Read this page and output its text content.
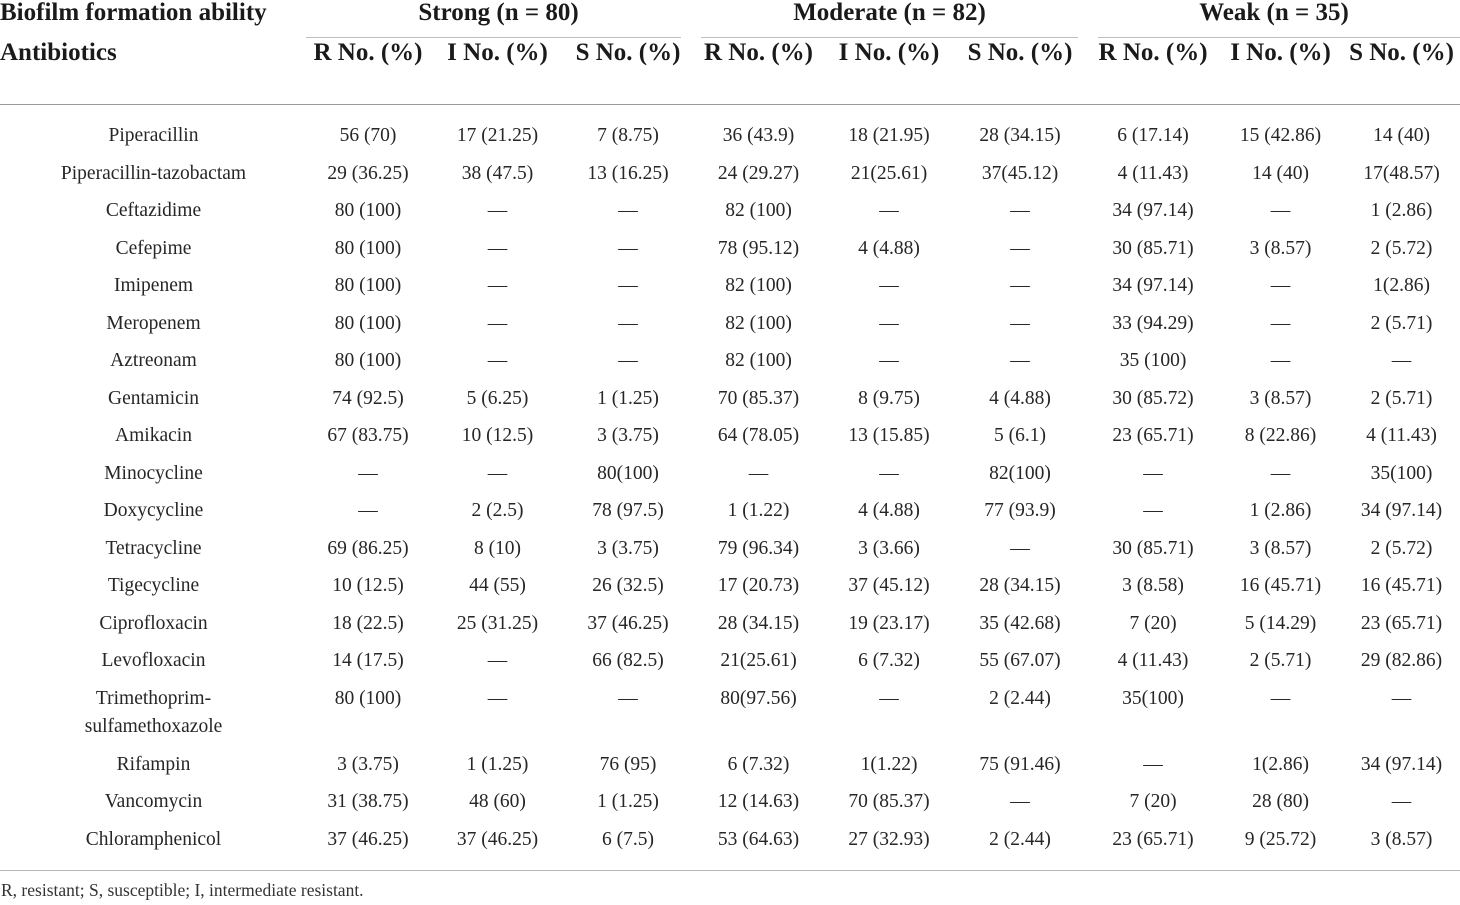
Biofilm formation ability	Strong (n = 80)			Moderate (n = 82)			Weak (n = 35)		

Antibiotics	R No. (%)	I No. (%)	S No. (%)	R No. (%)	I No. (%)	S No. (%)	R No. (%)	I No. (%)	S No. (%)

Piperacillin	56 (70)	17 (21.25)	7 (8.75)	36 (43.9)	18 (21.95)	28 (34.15)	6 (17.14)	15 (42.86)	14 (40)
Piperacillin-tazobactam	29 (36.25)	38 (47.5)	13 (16.25)	24 (29.27)	21(25.61)	37(45.12)	4 (11.43)	14 (40)	17(48.57)
Ceftazidime	80 (100)	—	—	82 (100)	—	—	34 (97.14)	—	1 (2.86)
Cefepime	80 (100)	—	—	78 (95.12)	4 (4.88)	—	30 (85.71)	3 (8.57)	2 (5.72)
Imipenem	80 (100)	—	—	82 (100)	—	—	34 (97.14)	—	1(2.86)
Meropenem	80 (100)	—	—	82 (100)	—	—	33 (94.29)	—	2 (5.71)
Aztreonam	80 (100)	—	—	82 (100)	—	—	35 (100)	—	—
Gentamicin	74 (92.5)	5 (6.25)	1 (1.25)	70 (85.37)	8 (9.75)	4 (4.88)	30 (85.72)	3 (8.57)	2 (5.71)
Amikacin	67 (83.75)	10 (12.5)	3 (3.75)	64 (78.05)	13 (15.85)	5 (6.1)	23 (65.71)	8 (22.86)	4 (11.43)
Minocycline	—	—	80(100)	—	—	82(100)	—	—	35(100)
Doxycycline	—	2 (2.5)	78 (97.5)	1 (1.22)	4 (4.88)	77 (93.9)	—	1 (2.86)	34 (97.14)
Tetracycline	69 (86.25)	8 (10)	3 (3.75)	79 (96.34)	3 (3.66)	—	30 (85.71)	3 (8.57)	2 (5.72)
Tigecycline	10 (12.5)	44 (55)	26 (32.5)	17 (20.73)	37 (45.12)	28 (34.15)	3 (8.58)	16 (45.71)	16 (45.71)
Ciprofloxacin	18 (22.5)	25 (31.25)	37 (46.25)	28 (34.15)	19 (23.17)	35 (42.68)	7 (20)	5 (14.29)	23 (65.71)
Levofloxacin	14 (17.5)	—	66 (82.5)	21(25.61)	6 (7.32)	55 (67.07)	4 (11.43)	2 (5.71)	29 (82.86)

Trimethoprim-
sulfamethoxazole	80 (100)	—	—	80(97.56)	—	2 (2.44)	35(100)	—	—
Rifampin	3 (3.75)	1 (1.25)	76 (95)	6 (7.32)	1(1.22)	75 (91.46)	—	1(2.86)	34 (97.14)
Vancomycin	31 (38.75)	48 (60)	1 (1.25)	12 (14.63)	70 (85.37)	—	7 (20)	28 (80)	—
Chloramphenicol	37 (46.25)	37 (46.25)	6 (7.5)	53 (64.63)	27 (32.93)	2 (2.44)	23 (65.71)	9 (25.72)	3 (8.57)
R, resistant; S, susceptible; I, intermediate resistant.
